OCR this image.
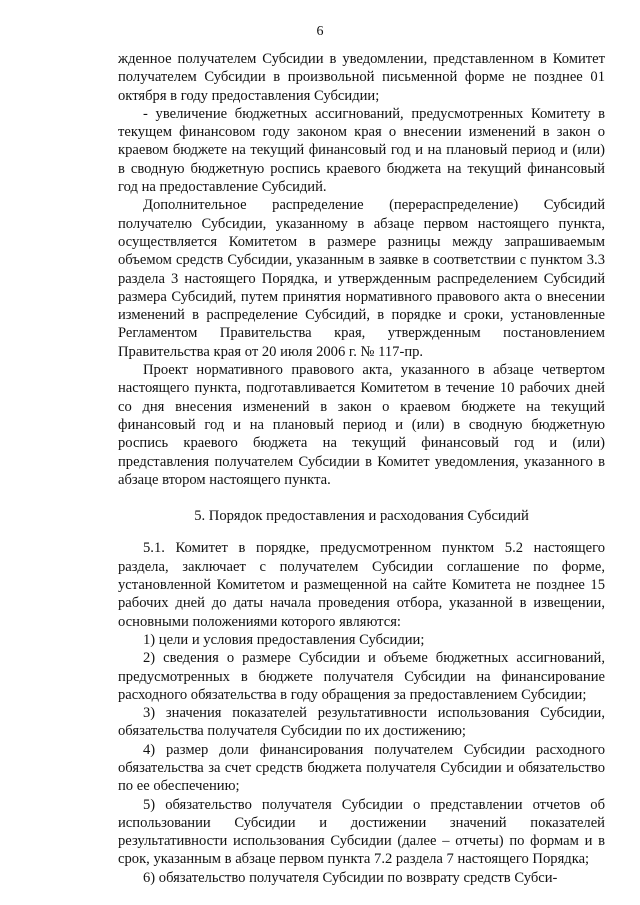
6

жденное получателем Субсидии в уведомлении, представленном в Комитет получателем Субсидии в произвольной письменной форме не позднее 01 октября в году предоставления Субсидии;

- увеличение бюджетных ассигнований, предусмотренных Комитету в текущем финансовом году законом края о внесении изменений в закон о краевом бюджете на текущий финансовый год и на плановый период и (или) в сводную бюджетную роспись краевого бюджета на текущий финансовый год на предоставление Субсидий.

Дополнительное распределение (перераспределение) Субсидий получателю Субсидии, указанному в абзаце первом настоящего пункта, осуществляется Комитетом в размере разницы между запрашиваемым объемом средств Субсидии, указанным в заявке в соответствии с пунктом 3.3 раздела 3 настоящего Порядка, и утвержденным распределением Субсидий размера Субсидий, путем принятия нормативного правового акта о внесении изменений в распределение Субсидий, в порядке и сроки, установленные Регламентом Правительства края, утвержденным постановлением Правительства края от 20 июля 2006 г. № 117-пр.

Проект нормативного правового акта, указанного в абзаце четвертом настоящего пункта, подготавливается Комитетом в течение 10 рабочих дней со дня внесения изменений в закон о краевом бюджете на текущий финансовый год и на плановый период и (или) в сводную бюджетную роспись краевого бюджета на текущий финансовый год и (или) представления получателем Субсидии в Комитет уведомления, указанного в абзаце втором настоящего пункта.

5. Порядок предоставления и расходования Субсидий

5.1. Комитет в порядке, предусмотренном пунктом 5.2 настоящего раздела, заключает с получателем Субсидии соглашение по форме, установленной Комитетом и размещенной на сайте Комитета не позднее 15 рабочих дней до даты начала проведения отбора, указанной в извещении, основными положениями которого являются:

1) цели и условия предоставления Субсидии;

2) сведения о размере Субсидии и объеме бюджетных ассигнований, предусмотренных в бюджете получателя Субсидии на финансирование расходного обязательства в году обращения за предоставлением Субсидии;

3) значения показателей результативности использования Субсидии, обязательства получателя Субсидии по их достижению;

4) размер доли финансирования получателем Субсидии расходного обязательства за счет средств бюджета получателя Субсидии и обязательство по ее обеспечению;

5) обязательство получателя Субсидии о представлении отчетов об использовании Субсидии и достижении значений показателей результативности использования Субсидии (далее – отчеты) по формам и в срок, указанным в абзаце первом пункта 7.2 раздела 7 настоящего Порядка;

6) обязательство получателя Субсидии по возврату средств Субси-
